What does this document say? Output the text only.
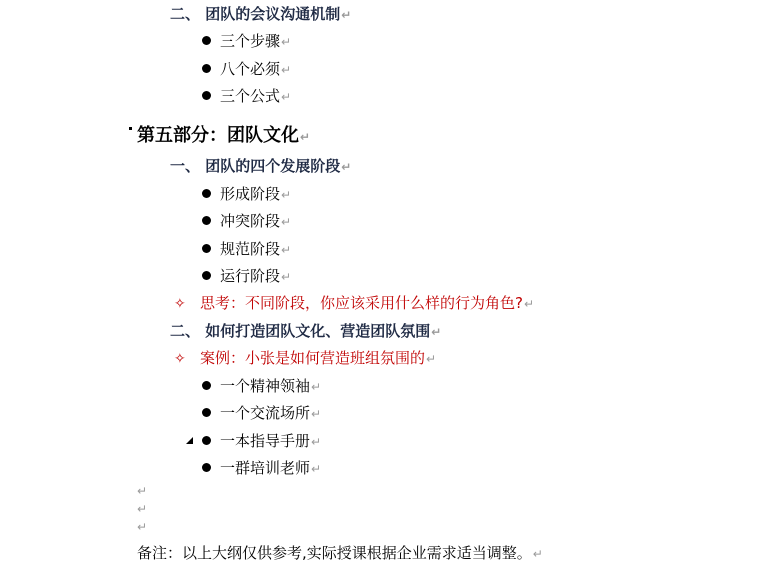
二、 团队的会议沟通机制↵
三个步骤↵
八个必须↵
三个公式↵
第五部分：团队文化↵
一、 团队的四个发展阶段↵
形成阶段↵
冲突阶段↵
规范阶段↵
运行阶段↵
✧ 思考：不同阶段，你应该采用什么样的行为角色?↵
二、 如何打造团队文化、营造团队氛围↵
✧ 案例：小张是如何营造班组氛围的↵
一个精神领袖↵
一个交流场所↵
一本指导手册↵
一群培训老师↵
↵
↵
↵
备注：以上大纲仅供参考,实际授课根据企业需求适当调整。↵
